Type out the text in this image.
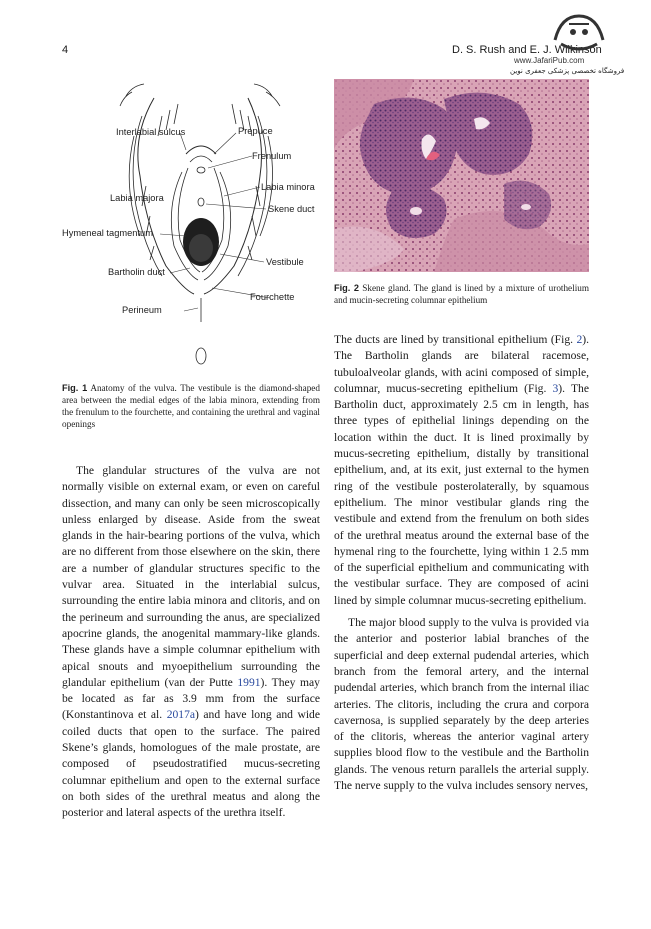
4	D. S. Rush and E. J. Wilkinson
www.JafariPub.com
فروشگاه تخصصی پزشکی جعفری نوین
Interlabial sulcus	Prepuce
Frenulum
Labia minora
Labia majora
Skene duct
Hymeneal tagmentum
Vestibule
Bartholin duct
Fourchette
Perineum
Fig. 1 Anatomy of the vulva. The vestibule is the diamond-shaped area between the medial edges of the labia minora, extending from the frenulum to the fourchette, and containing the urethral and vaginal openings
Fig. 2 Skene gland. The gland is lined by a mixture of urothelium and mucin-secreting columnar epithelium

The glandular structures of the vulva are not normally visible on external exam, or even on careful dissection, and many can only be seen microscopically unless enlarged by disease. Aside from the sweat glands in the hair-bearing portions of the vulva, which are no different from those elsewhere on the skin, there are a number of glandular structures specific to the vulvar area. Situated in the interlabial sulcus, surrounding the entire labia minora and clitoris, and on the perineum and surrounding the anus, are specialized apocrine glands, the anogenital mammary-like glands. These glands have a simple columnar epithelium with apical snouts and myoepithelium surrounding the glandular epithelium (van der Putte 1991). They may be located as far as 3.9 mm from the surface (Konstantinova et al. 2017a) and have long and wide coiled ducts that open to the surface. The paired Skene’s glands, homologues of the male prostate, are composed of pseudostratified mucus-secreting columnar epithelium and open to the external surface on both sides of the urethral meatus and along the posterior and lateral aspects of the urethra itself.

The ducts are lined by transitional epithelium (Fig. 2). The Bartholin glands are bilateral racemose, tubuloalveolar glands, with acini composed of simple, columnar, mucus-secreting epithelium (Fig. 3). The Bartholin duct, approximately 2.5 cm in length, has three types of epithelial linings depending on the location within the duct. It is lined proximally by mucus-secreting epithelium, distally by transitional epithelium, and, at its exit, just external to the hymen ring of the vestibule posterolaterally, by squamous epithelium. The minor vestibular glands ring the vestibule and extend from the frenulum on both sides of the urethral meatus around the external base of the hymenal ring to the fourchette, lying within 1 2.5 mm of the superficial epithelium and communicating with the vestibular surface. They are composed of acini lined by simple columnar mucus-secreting epithelium.

The major blood supply to the vulva is provided via the anterior and posterior labial branches of the superficial and deep external pudendal arteries, which branch from the femoral artery, and the internal pudendal arteries, which branch from the internal iliac arteries. The clitoris, including the crura and corpora cavernosa, is supplied separately by the deep arteries of the clitoris, whereas the anterior vaginal artery supplies blood flow to the vestibule and the Bartholin glands. The venous return parallels the arterial supply. The nerve supply to the vulva includes sensory nerves,
